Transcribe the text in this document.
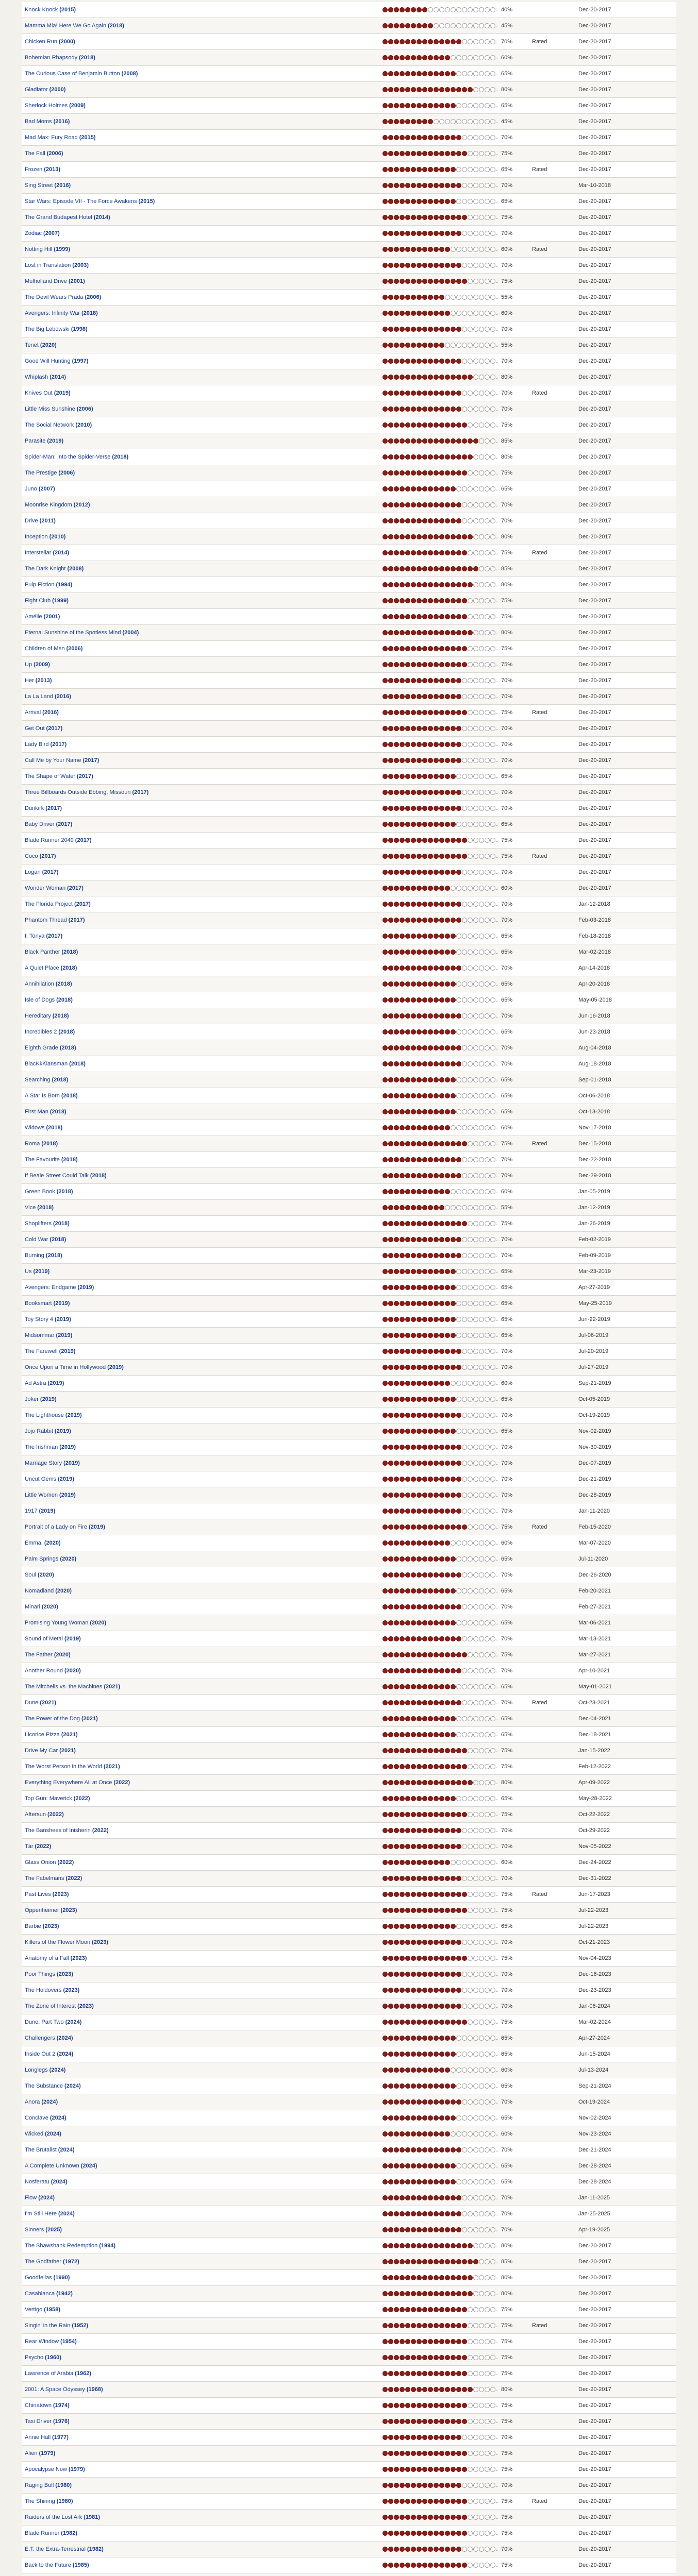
Knock Knock (2015)		40%		Dec-20-2017
Mamma Mia! Here We Go Again (2018)		45%		Dec-20-2017
Chicken Run (2000)		70%	Rated	Dec-20-2017
Bohemian Rhapsody (2018)		60%		Dec-20-2017
The Curious Case of Benjamin Button (2008)		65%		Dec-20-2017
Gladiator (2000)		80%		Dec-20-2017
Sherlock Holmes (2009)		65%		Dec-20-2017
Bad Moms (2016)		45%		Dec-20-2017
Mad Max: Fury Road (2015)		70%		Dec-20-2017
The Fall (2006)		75%		Dec-20-2017
Frozen (2013)		65%	Rated	Dec-20-2017
Sing Street (2016)		70%		Mar-10-2018
Star Wars: Episode VII - The Force Awakens (2015)		65%		Dec-20-2017
The Grand Budapest Hotel (2014)		75%		Dec-20-2017
Zodiac (2007)		70%		Dec-20-2017
Notting Hill (1999)		60%	Rated	Dec-20-2017
Lost in Translation (2003)		70%		Dec-20-2017
Mulholland Drive (2001)		75%		Dec-20-2017
The Devil Wears Prada (2006)		55%		Dec-20-2017
Avengers: Infinity War (2018)		60%		Dec-20-2017
The Big Lebowski (1998)		70%		Dec-20-2017
Tenet (2020)		55%		Dec-20-2017
Good Will Hunting (1997)		70%		Dec-20-2017
Whiplash (2014)		80%		Dec-20-2017
Knives Out (2019)		70%	Rated	Dec-20-2017
Little Miss Sunshine (2006)		70%		Dec-20-2017
The Social Network (2010)		75%		Dec-20-2017
Parasite (2019)		85%		Dec-20-2017
Spider-Man: Into the Spider-Verse (2018)		80%		Dec-20-2017
The Prestige (2006)		75%		Dec-20-2017
Juno (2007)		65%		Dec-20-2017
Moonrise Kingdom (2012)		70%		Dec-20-2017
Drive (2011)		70%		Dec-20-2017
Inception (2010)		80%		Dec-20-2017
Interstellar (2014)		75%	Rated	Dec-20-2017
The Dark Knight (2008)		85%		Dec-20-2017
Pulp Fiction (1994)		80%		Dec-20-2017
Fight Club (1999)		75%		Dec-20-2017
Amélie (2001)		75%		Dec-20-2017
Eternal Sunshine of the Spotless Mind (2004)		80%		Dec-20-2017
Children of Men (2006)		75%		Dec-20-2017
Up (2009)		75%		Dec-20-2017
Her (2013)		70%		Dec-20-2017
La La Land (2016)		70%		Dec-20-2017
Arrival (2016)		75%	Rated	Dec-20-2017
Get Out (2017)		70%		Dec-20-2017
Lady Bird (2017)		70%		Dec-20-2017
Call Me by Your Name (2017)		70%		Dec-20-2017
The Shape of Water (2017)		65%		Dec-20-2017
Three Billboards Outside Ebbing, Missouri (2017)		70%		Dec-20-2017
Dunkirk (2017)		70%		Dec-20-2017
Baby Driver (2017)		65%		Dec-20-2017
Blade Runner 2049 (2017)		75%		Dec-20-2017
Coco (2017)		75%	Rated	Dec-20-2017
Logan (2017)		70%		Dec-20-2017
Wonder Woman (2017)		60%		Dec-20-2017
The Florida Project (2017)		70%		Jan-12-2018
Phantom Thread (2017)		70%		Feb-03-2018
I, Tonya (2017)		65%		Feb-18-2018
Black Panther (2018)		65%		Mar-02-2018
A Quiet Place (2018)		70%		Apr-14-2018
Annihilation (2018)		65%		Apr-20-2018
Isle of Dogs (2018)		65%		May-05-2018
Hereditary (2018)		70%		Jun-16-2018
Incredibles 2 (2018)		65%		Jun-23-2018
Eighth Grade (2018)		70%		Aug-04-2018
BlacKkKlansman (2018)		70%		Aug-18-2018
Searching (2018)		65%		Sep-01-2018
A Star Is Born (2018)		65%		Oct-06-2018
First Man (2018)		65%		Oct-13-2018
Widows (2018)		60%		Nov-17-2018
Roma (2018)		75%	Rated	Dec-15-2018
The Favourite (2018)		70%		Dec-22-2018
If Beale Street Could Talk (2018)		70%		Dec-29-2018
Green Book (2018)		60%		Jan-05-2019
Vice (2018)		55%		Jan-12-2019
Shoplifters (2018)		75%		Jan-26-2019
Cold War (2018)		70%		Feb-02-2019
Burning (2018)		70%		Feb-09-2019
Us (2019)		65%		Mar-23-2019
Avengers: Endgame (2019)		65%		Apr-27-2019
Booksmart (2019)		65%		May-25-2019
Toy Story 4 (2019)		65%		Jun-22-2019
Midsommar (2019)		65%		Jul-06-2019
The Farewell (2019)		70%		Jul-20-2019
Once Upon a Time in Hollywood (2019)		70%		Jul-27-2019
Ad Astra (2019)		60%		Sep-21-2019
Joker (2019)		65%		Oct-05-2019
The Lighthouse (2019)		70%		Oct-19-2019
Jojo Rabbit (2019)		65%		Nov-02-2019
The Irishman (2019)		70%		Nov-30-2019
Marriage Story (2019)		70%		Dec-07-2019
Uncut Gems (2019)		70%		Dec-21-2019
Little Women (2019)		70%		Dec-28-2019
1917 (2019)		70%		Jan-11-2020
Portrait of a Lady on Fire (2019)		75%	Rated	Feb-15-2020
Emma. (2020)		60%		Mar-07-2020
Palm Springs (2020)		65%		Jul-11-2020
Soul (2020)		70%		Dec-26-2020
Nomadland (2020)		65%		Feb-20-2021
Minari (2020)		70%		Feb-27-2021
Promising Young Woman (2020)		65%		Mar-06-2021
Sound of Metal (2019)		70%		Mar-13-2021
The Father (2020)		75%		Mar-27-2021
Another Round (2020)		70%		Apr-10-2021
The Mitchells vs. the Machines (2021)		65%		May-01-2021
Dune (2021)		70%	Rated	Oct-23-2021
The Power of the Dog (2021)		65%		Dec-04-2021
Licorice Pizza (2021)		65%		Dec-18-2021
Drive My Car (2021)		75%		Jan-15-2022
The Worst Person in the World (2021)		75%		Feb-12-2022
Everything Everywhere All at Once (2022)		80%		Apr-09-2022
Top Gun: Maverick (2022)		65%		May-28-2022
Aftersun (2022)		75%		Oct-22-2022
The Banshees of Inisherin (2022)		70%		Oct-29-2022
Tár (2022)		70%		Nov-05-2022
Glass Onion (2022)		60%		Dec-24-2022
The Fabelmans (2022)		70%		Dec-31-2022
Past Lives (2023)		75%	Rated	Jun-17-2023
Oppenheimer (2023)		75%		Jul-22-2023
Barbie (2023)		65%		Jul-22-2023
Killers of the Flower Moon (2023)		70%		Oct-21-2023
Anatomy of a Fall (2023)		75%		Nov-04-2023
Poor Things (2023)		70%		Dec-16-2023
The Holdovers (2023)		70%		Dec-23-2023
The Zone of Interest (2023)		70%		Jan-06-2024
Dune: Part Two (2024)		75%		Mar-02-2024
Challengers (2024)		65%		Apr-27-2024
Inside Out 2 (2024)		65%		Jun-15-2024
Longlegs (2024)		60%		Jul-13-2024
The Substance (2024)		65%		Sep-21-2024
Anora (2024)		70%		Oct-19-2024
Conclave (2024)		65%		Nov-02-2024
Wicked (2024)		60%		Nov-23-2024
The Brutalist (2024)		70%		Dec-21-2024
A Complete Unknown (2024)		65%		Dec-28-2024
Nosferatu (2024)		65%		Dec-28-2024
Flow (2024)		70%		Jan-11-2025
I'm Still Here (2024)		70%		Jan-25-2025
Sinners (2025)		70%		Apr-19-2025
The Shawshank Redemption (1994)		80%		Dec-20-2017
The Godfather (1972)		85%		Dec-20-2017
Goodfellas (1990)		80%		Dec-20-2017
Casablanca (1942)		80%		Dec-20-2017
Vertigo (1958)		75%		Dec-20-2017
Singin' in the Rain (1952)		75%	Rated	Dec-20-2017
Rear Window (1954)		75%		Dec-20-2017
Psycho (1960)		75%		Dec-20-2017
Lawrence of Arabia (1962)		75%		Dec-20-2017
2001: A Space Odyssey (1968)		80%		Dec-20-2017
Chinatown (1974)		75%		Dec-20-2017
Taxi Driver (1976)		75%		Dec-20-2017
Annie Hall (1977)		70%		Dec-20-2017
Alien (1979)		75%		Dec-20-2017
Apocalypse Now (1979)		75%		Dec-20-2017
Raging Bull (1980)		70%		Dec-20-2017
The Shining (1980)		75%	Rated	Dec-20-2017
Raiders of the Lost Ark (1981)		75%		Dec-20-2017
Blade Runner (1982)		75%		Dec-20-2017
E.T. the Extra-Terrestrial (1982)		70%		Dec-20-2017
Back to the Future (1985)		75%		Dec-20-2017
